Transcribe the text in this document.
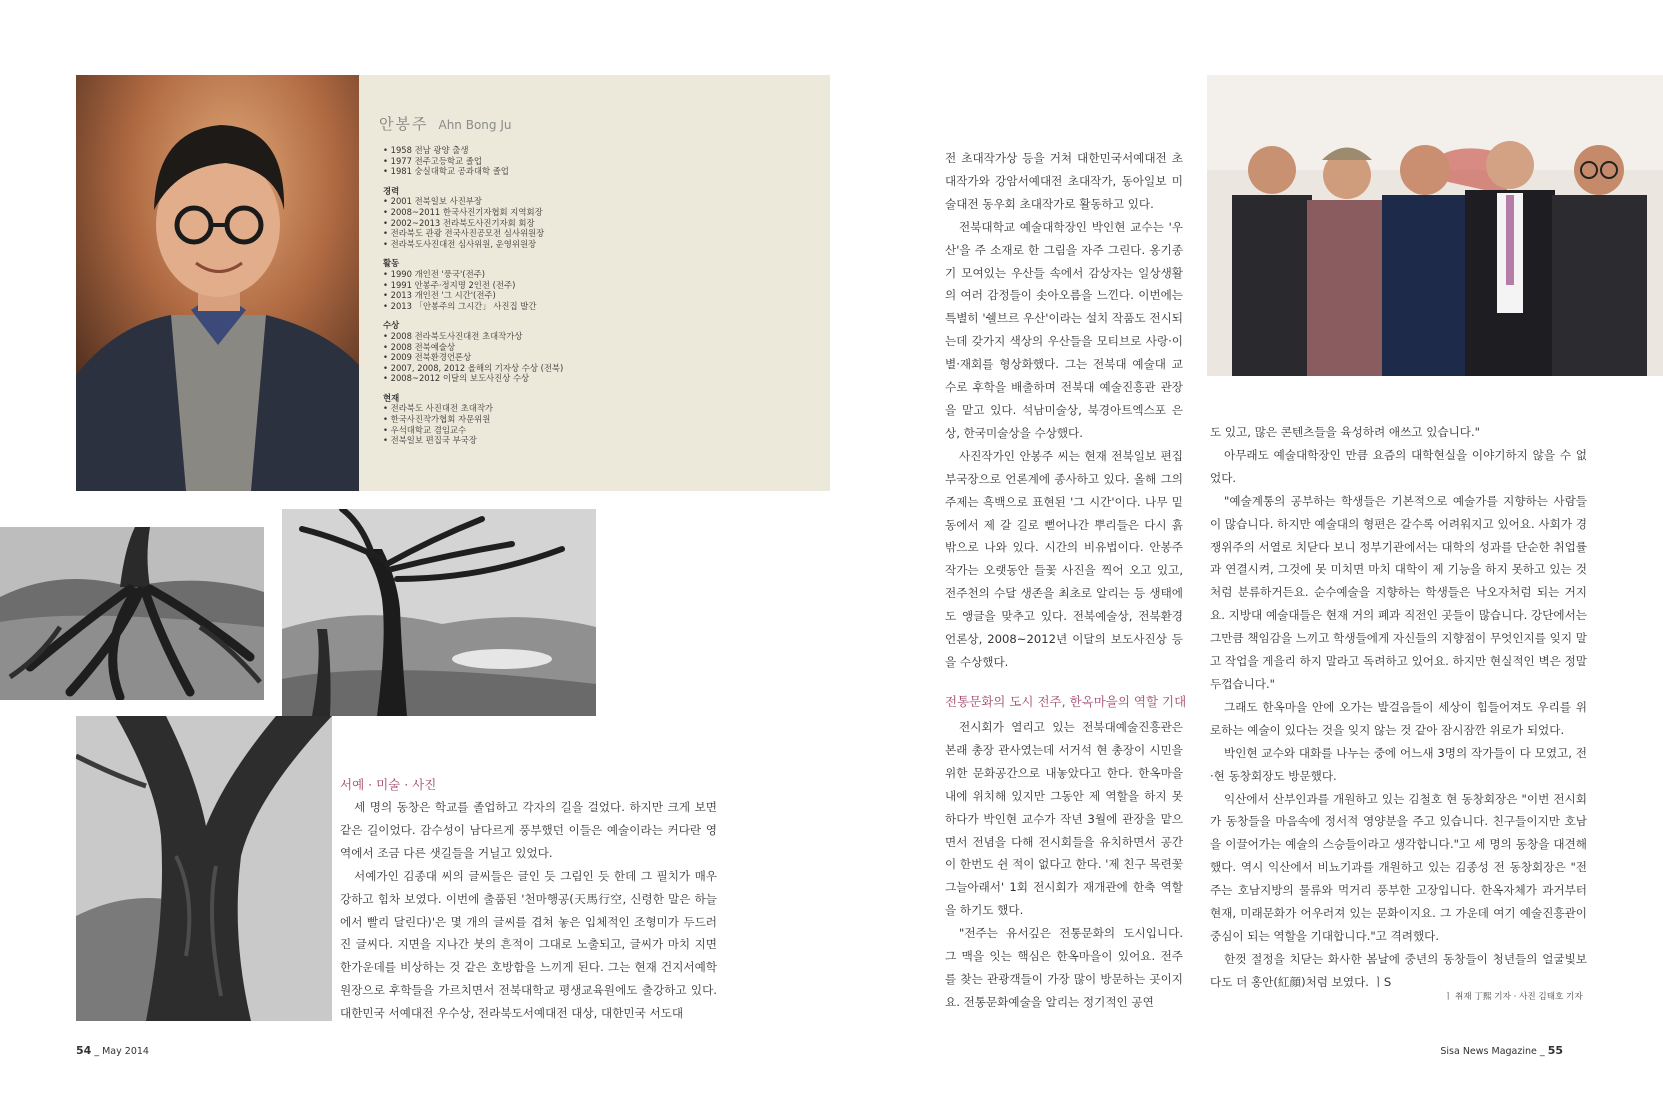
안봉주 Ahn Bong Ju
• 1958 전남 광양 출생
• 1977 전주고등학교 졸업
• 1981 숭실대학교 공과대학 졸업
경력
• 2001 전북일보 사진부장
• 2008~2011 한국사진기자협회 지역회장
• 2002~2013 전라북도사진기자회 회장
• 전라북도 관광 전국사진공모전 심사위원장
• 전라북도사진대전 심사위원, 운영위원장
활동
• 1990 개인전 '풍국'(전주)
• 1991 안봉주·정지명 2인전 (전주)
• 2013 개인전 '그 시간'(전주)
• 2013 「안봉주의 그시간」 사진집 발간
수상
• 2008 전라북도사진대전 초대작가상
• 2008 전북예술상
• 2009 전북환경언론상
• 2007, 2008, 2012 올해의 기자상 수상 (전북)
• 2008~2012 이달의 보도사진상 수상
현재
• 전라북도 사진대전 초대작가
• 한국사진작가협회 자문위원
• 우석대학교 겸임교수
• 전북일보 편집국 부국장
서예 · 미술 · 사진

세 명의 동창은 학교를 졸업하고 각자의 길을 걸었다. 하지만 크게 보면 같은 길이었다. 감수성이 남다르게 풍부했던 이들은 예술이라는 커다란 영역에서 조금 다른 샛길들을 거닐고 있었다.

서예가인 김종대 씨의 글씨들은 글인 듯 그림인 듯 한데 그 필치가 매우 강하고 힘차 보였다. 이번에 출품된 '천마행공(天馬行空, 신령한 말은 하늘에서 빨리 달린다)'은 몇 개의 글씨를 겹쳐 놓은 입체적인 조형미가 두드러진 글씨다. 지면을 지나간 붓의 흔적이 그대로 노출되고, 글씨가 마치 지면 한가운데를 비상하는 것 같은 호방함을 느끼게 된다. 그는 현재 건지서예학원장으로 후학들을 가르치면서 전북대학교 평생교육원에도 출강하고 있다. 대한민국 서예대전 우수상, 전라북도서예대전 대상, 대한민국 서도대

54 _ May 2014

전 초대작가상 등을 거쳐 대한민국서예대전 초대작가와 강암서예대전 초대작가, 동아일보 미술대전 동우회 초대작가로 활동하고 있다.

전북대학교 예술대학장인 박인현 교수는 '우산'을 주 소재로 한 그림을 자주 그린다. 옹기종기 모여있는 우산들 속에서 감상자는 일상생활의 여러 감정들이 솟아오름을 느낀다. 이번에는 특별히 '쉘브르 우산'이라는 설치 작품도 전시되는데 갖가지 색상의 우산들을 모티브로 사랑·이별·재회를 형상화했다. 그는 전북대 예술대 교수로 후학을 배출하며 전북대 예술진흥관 관장을 맡고 있다. 석남미술상, 북경아트엑스포 은상, 한국미술상을 수상했다.

사진작가인 안봉주 씨는 현재 전북일보 편집부국장으로 언론계에 종사하고 있다. 올해 그의 주제는 흑백으로 표현된 '그 시간'이다. 나무 밑동에서 제 갈 길로 뻗어나간 뿌리들은 다시 흙 밖으로 나와 있다. 시간의 비유법이다. 안봉주 작가는 오랫동안 들꽃 사진을 찍어 오고 있고, 전주천의 수달 생존을 최초로 알리는 등 생태에도 앵글을 맞추고 있다. 전북예술상, 전북환경 언론상, 2008~2012년 이달의 보도사진상 등을 수상했다.

전통문화의 도시 전주, 한옥마을의 역할 기대

전시회가 열리고 있는 전북대예술진흥관은 본래 총장 관사였는데 서거석 현 총장이 시민을 위한 문화공간으로 내놓았다고 한다. 한옥마을 내에 위치해 있지만 그동안 제 역할을 하지 못하다가 박인현 교수가 작년 3월에 관장을 맡으면서 전념을 다해 전시회들을 유치하면서 공간이 한번도 쉰 적이 없다고 한다. '제 친구 목련꽃 그늘아래서' 1회 전시회가 재개관에 한축 역할을 하기도 했다.

"전주는 유서깊은 전통문화의 도시입니다. 그 맥을 잇는 핵심은 한옥마을이 있어요. 전주를 찾는 관광객들이 가장 많이 방문하는 곳이지요. 전통문화예술을 알리는 정기적인 공연

도 있고, 많은 콘텐츠들을 육성하려 애쓰고 있습니다."

아무래도 예술대학장인 만큼 요즘의 대학현실을 이야기하지 않을 수 없었다.

"예술계통의 공부하는 학생들은 기본적으로 예술가를 지향하는 사람들이 많습니다. 하지만 예술대의 형편은 갈수록 어려워지고 있어요. 사회가 경쟁위주의 서열로 치닫다 보니 정부기관에서는 대학의 성과를 단순한 취업률과 연결시켜, 그것에 못 미치면 마치 대학이 제 기능을 하지 못하고 있는 것처럼 분류하거든요. 순수예술을 지향하는 학생들은 낙오자처럼 되는 거지요. 지방대 예술대들은 현재 거의 폐과 직전인 곳들이 많습니다. 강단에서는 그만큼 책임감을 느끼고 학생들에게 자신들의 지향점이 무엇인지를 잊지 말고 작업을 게을리 하지 말라고 독려하고 있어요. 하지만 현실적인 벽은 정말 두껍습니다."

그래도 한옥마을 안에 오가는 발걸음들이 세상이 힘들어져도 우리를 위로하는 예술이 있다는 것을 잊지 않는 것 같아 잠시잠깐 위로가 되었다.

박인현 교수와 대화를 나누는 중에 어느새 3명의 작가들이 다 모였고, 전·현 동창회장도 방문했다.

익산에서 산부인과를 개원하고 있는 김철호 현 동창회장은 "이번 전시회가 동창들을 마음속에 정서적 영양분을 주고 있습니다. 친구들이지만 호남을 이끌어가는 예술의 스승들이라고 생각합니다."고 세 명의 동창을 대견해 했다. 역시 익산에서 비뇨기과를 개원하고 있는 김종성 전 동창회장은 "전주는 호남지방의 물류와 먹거리 풍부한 고장입니다. 한옥자체가 과거부터 현재, 미래문화가 어우러져 있는 문화이지요. 그 가운데 여기 예술진흥관이 중심이 되는 역할을 기대합니다."고 격려했다.

한껏 절정을 치닫는 화사한 봄날에 중년의 동창들이 청년들의 얼굴빛보다도 더 홍안(紅顔)처럼 보였다. ㅣS

ㅣ 취재 丁熙 기자 · 사진 김태호 기자
Sisa News Magazine _ 55
